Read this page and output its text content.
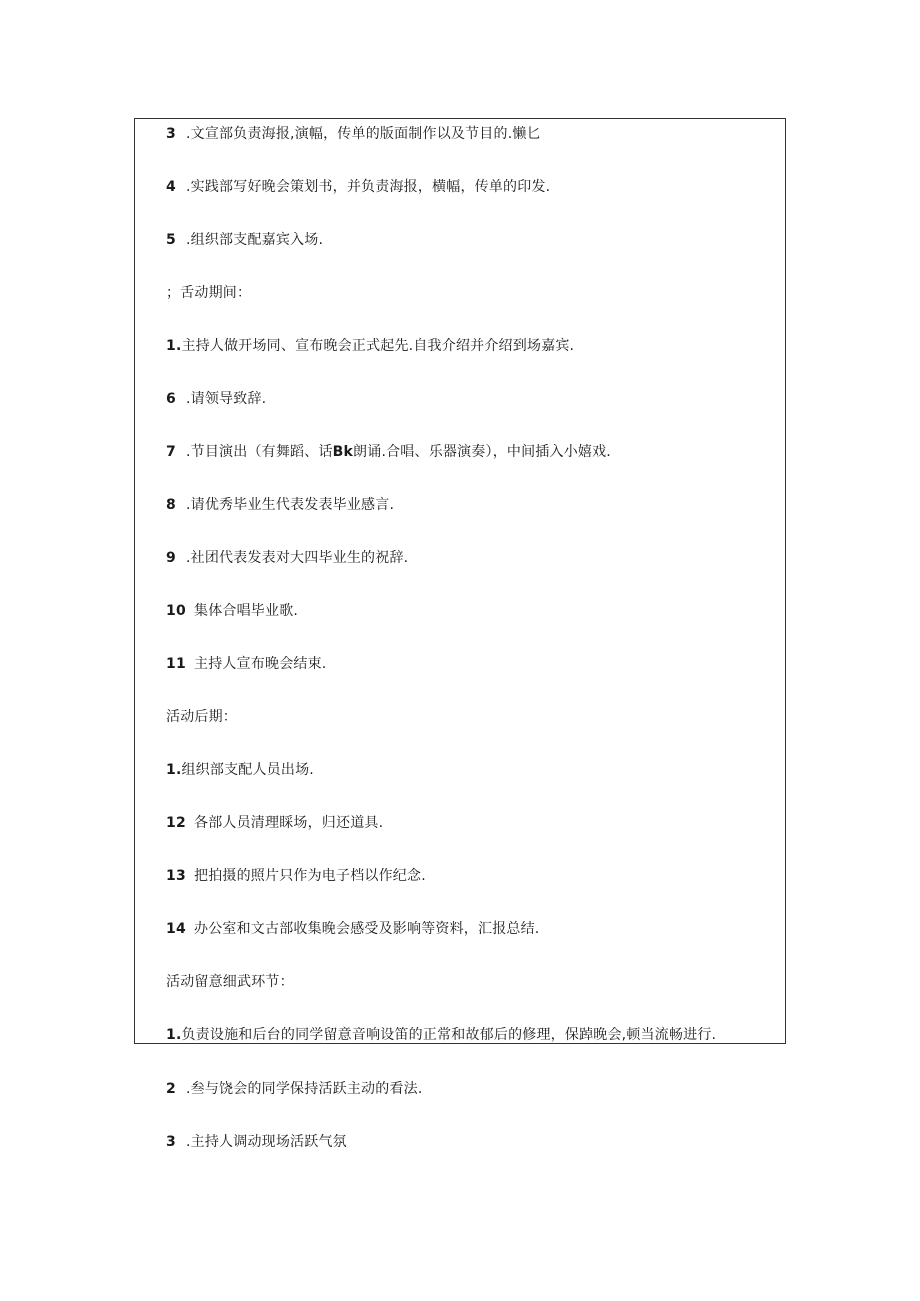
3 .文宣部负责海报,演幅，传单的版面制作以及节目的.懒匕
4 .实践部写好晚会策划书，并负责海报，横幅，传单的印发.
5 .组织部支配嘉宾入场.
；舌动期间：
1.主持人做开场同、宣布晚会正式起先.自我介绍并介绍到场嘉宾.
6 .请领导致辞.
7 .节目演出（有舞蹈、话Bk朗诵.合唱、乐器演奏），中间插入小嬉戏.
8 .请优秀毕业生代表发表毕业感言.
9 .社团代表发表对大四毕业生的祝辞.
10 集体合唱毕业歌.
11 主持人宣布晚会结束.
活动后期：
1.组织部支配人员出场.
12 各部人员清理睬场，归还道具.
13 把拍摄的照片只作为电子档以作纪念.
14 办公室和文古部收集晚会感受及影响等资料，汇报总结.
活动留意细武环节：
1.负责设施和后台的同学留意音响设笛的正常和故郁后的修理，保踔晚会,顿当流畅进行.
2 .叁与饶会的同学保持活跃主动的看法.
3 .主持人调动现场活跃气氛
